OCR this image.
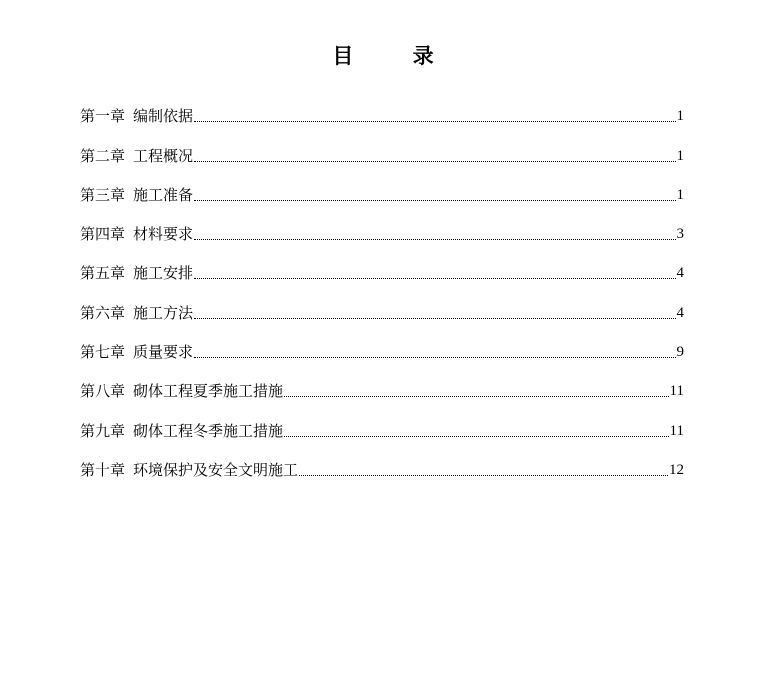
目 录
第一章 编制依据	1
第二章 工程概况	1
第三章 施工准备	1
第四章 材料要求	3
第五章 施工安排	4
第六章 施工方法	4
第七章 质量要求	9
第八章 砌体工程夏季施工措施	11
第九章 砌体工程冬季施工措施	11
第十章 环境保护及安全文明施工	12
